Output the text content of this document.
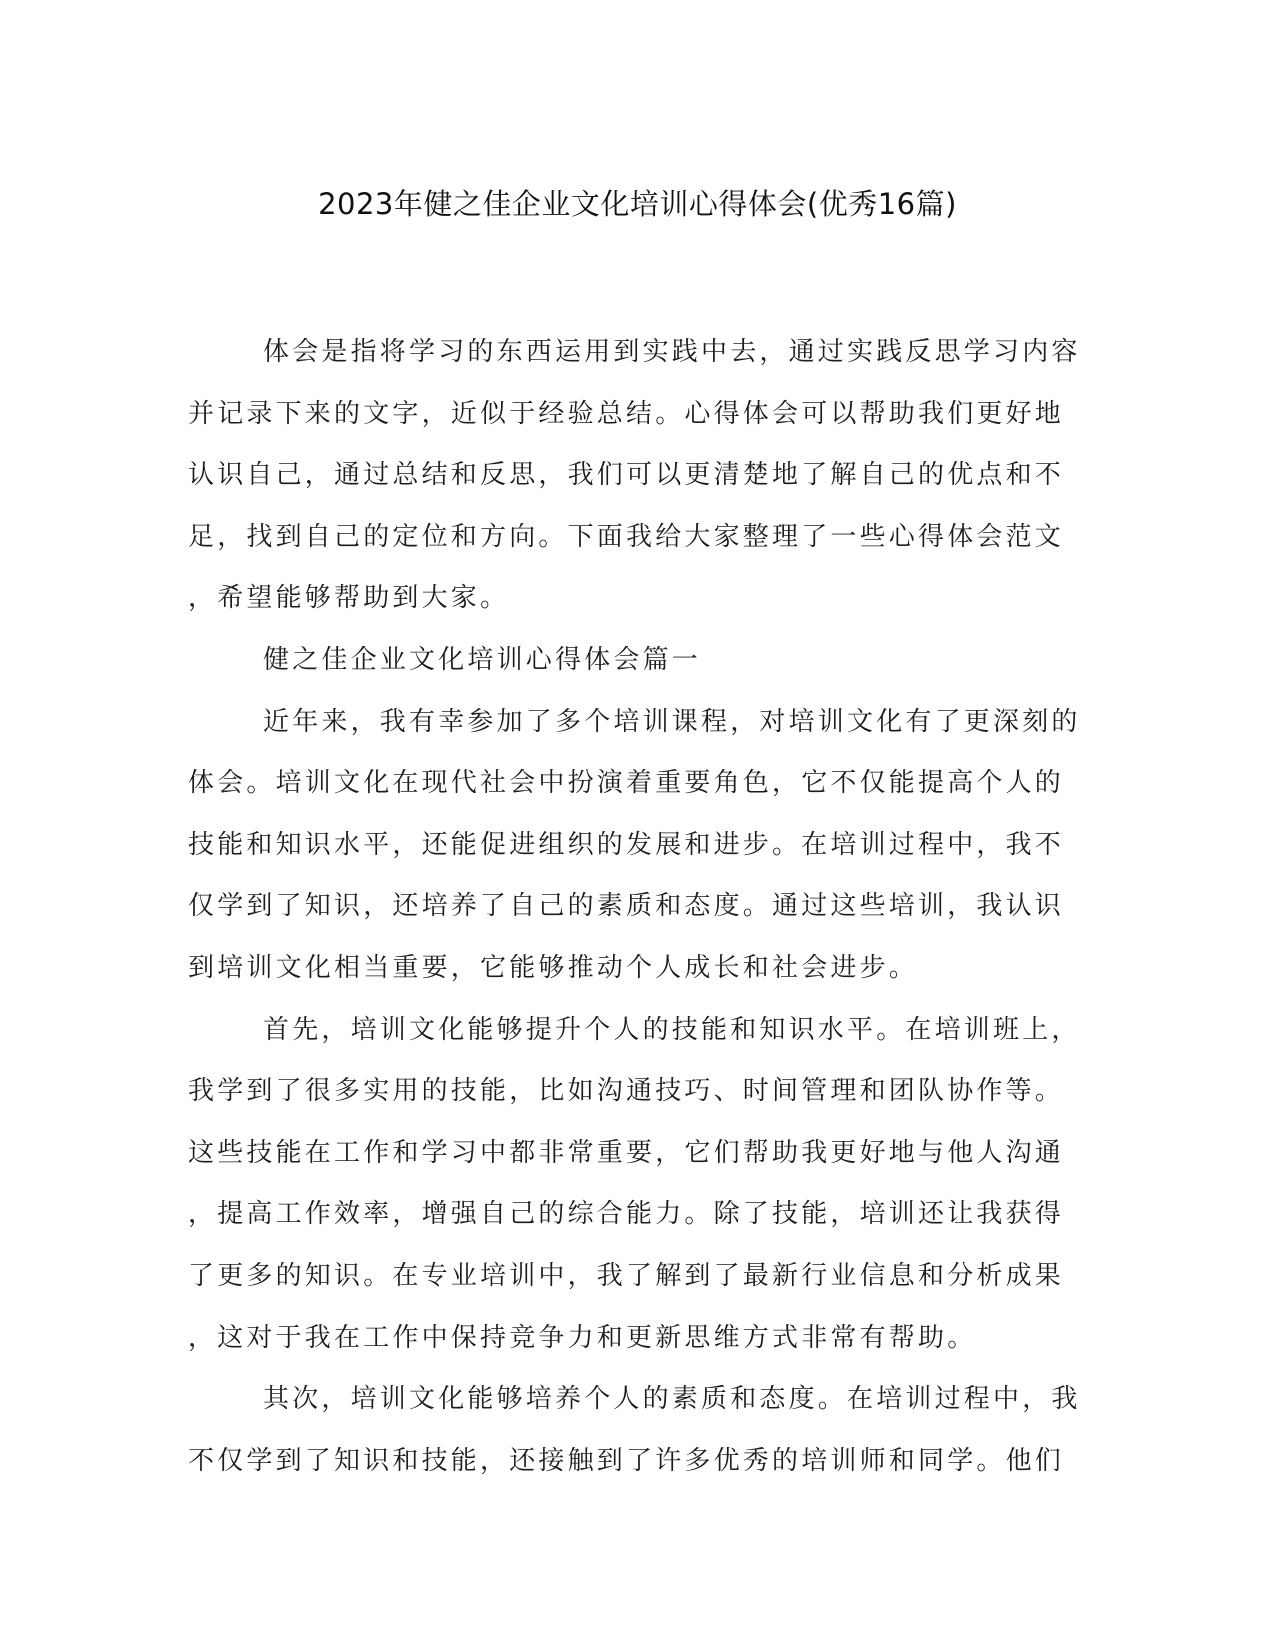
2023年健之佳企业文化培训心得体会(优秀16篇)
体会是指将学习的东西运用到实践中去，通过实践反思学习内容
并记录下来的文字，近似于经验总结。心得体会可以帮助我们更好地
认识自己，通过总结和反思，我们可以更清楚地了解自己的优点和不
足，找到自己的定位和方向。下面我给大家整理了一些心得体会范文
，希望能够帮助到大家。
健之佳企业文化培训心得体会篇一
近年来，我有幸参加了多个培训课程，对培训文化有了更深刻的
体会。培训文化在现代社会中扮演着重要角色，它不仅能提高个人的
技能和知识水平，还能促进组织的发展和进步。在培训过程中，我不
仅学到了知识，还培养了自己的素质和态度。通过这些培训，我认识
到培训文化相当重要，它能够推动个人成长和社会进步。
首先，培训文化能够提升个人的技能和知识水平。在培训班上，
我学到了很多实用的技能，比如沟通技巧、时间管理和团队协作等。
这些技能在工作和学习中都非常重要，它们帮助我更好地与他人沟通
，提高工作效率，增强自己的综合能力。除了技能，培训还让我获得
了更多的知识。在专业培训中，我了解到了最新行业信息和分析成果
，这对于我在工作中保持竞争力和更新思维方式非常有帮助。
其次，培训文化能够培养个人的素质和态度。在培训过程中，我
不仅学到了知识和技能，还接触到了许多优秀的培训师和同学。他们
